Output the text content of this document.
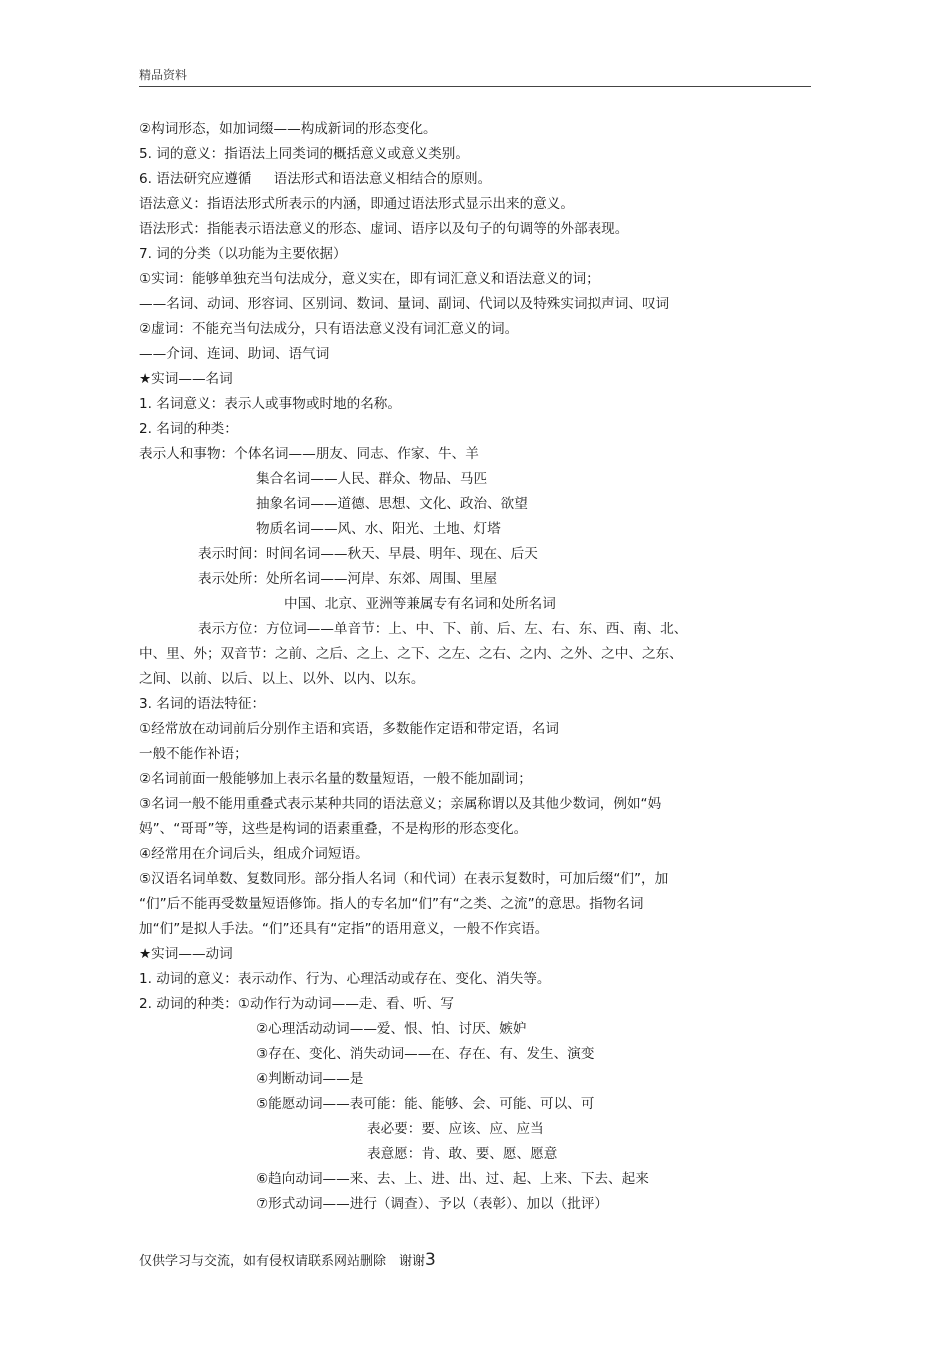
精品资料
②构词形态，如加词缀——构成新词的形态变化。
5. 词的意义：指语法上同类词的概括意义或意义类别。
6. 语法研究应遵循 　 语法形式和语法意义相结合的原则。
语法意义：指语法形式所表示的内涵，即通过语法形式显示出来的意义。
语法形式：指能表示语法意义的形态、虚词、语序以及句子的句调等的外部表现。
7. 词的分类（以功能为主要依据）
①实词：能够单独充当句法成分，意义实在，即有词汇意义和语法意义的词；
——名词、动词、形容词、区别词、数词、量词、副词、代词以及特殊实词拟声词、叹词
②虚词：不能充当句法成分，只有语法意义没有词汇意义的词。
——介词、连词、助词、语气词
★实词——名词
1. 名词意义：表示人或事物或时地的名称。
2. 名词的种类：
表示人和事物：个体名词——朋友、同志、作家、牛、羊
集合名词——人民、群众、物品、马匹
抽象名词——道德、思想、文化、政治、欲望
物质名词——风、水、阳光、土地、灯塔
表示时间：时间名词——秋天、早晨、明年、现在、后天
表示处所：处所名词——河岸、东郊、周围、里屋
中国、北京、亚洲等兼属专有名词和处所名词
表示方位：方位词——单音节：上、中、下、前、后、左、右、东、西、南、北、
中、里、外；双音节：之前、之后、之上、之下、之左、之右、之内、之外、之中、之东、
之间、以前、以后、以上、以外、以内、以东。
3. 名词的语法特征：
①经常放在动词前后分别作主语和宾语，多数能作定语和带定语，名词
一般不能作补语；
②名词前面一般能够加上表示名量的数量短语，一般不能加副词；
③名词一般不能用重叠式表示某种共同的语法意义；亲属称谓以及其他少数词，例如“妈
妈”、“哥哥”等，这些是构词的语素重叠，不是构形的形态变化。
④经常用在介词后头，组成介词短语。
⑤汉语名词单数、复数同形。部分指人名词（和代词）在表示复数时，可加后缀“们”，加
“们”后不能再受数量短语修饰。指人的专名加“们”有“之类、之流”的意思。指物名词
加“们”是拟人手法。“们”还具有“定指”的语用意义，一般不作宾语。
★实词——动词
1. 动词的意义：表示动作、行为、心理活动或存在、变化、消失等。
2. 动词的种类：①动作行为动词——走、看、听、写
②心理活动动词——爱、恨、怕、讨厌、嫉妒
③存在、变化、消失动词——在、存在、有、发生、演变
④判断动词——是
⑤能愿动词——表可能：能、能够、会、可能、可以、可
表必要：要、应该、应、应当
表意愿：肯、敢、要、愿、愿意
⑥趋向动词——来、去、上、进、出、过、起、上来、下去、起来
⑦形式动词——进行（调查）、予以（表彰）、加以（批评）
仅供学习与交流，如有侵权请联系网站删除　谢谢3
